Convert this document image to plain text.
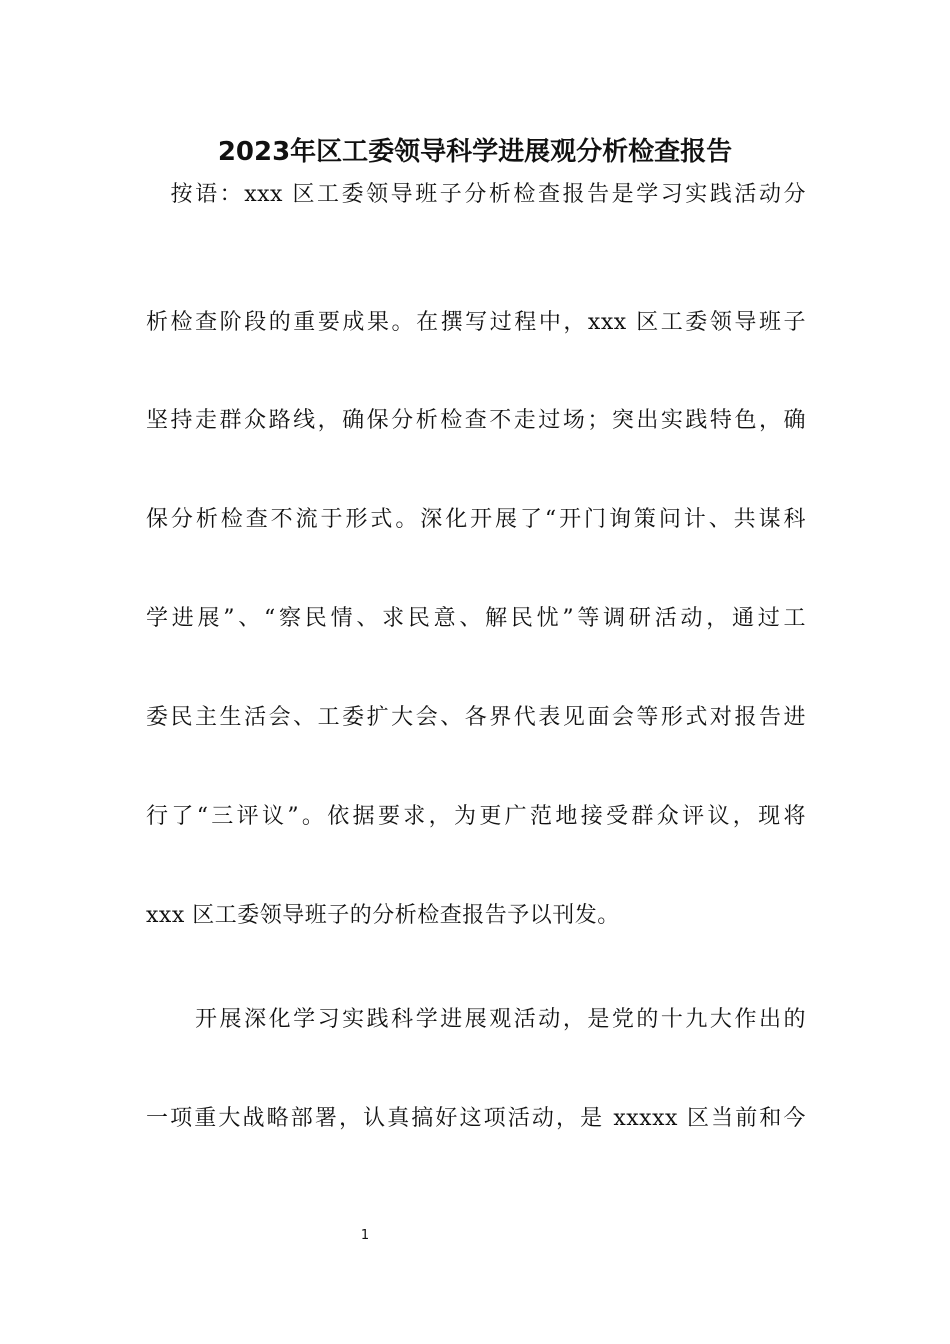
2023年区工委领导科学进展观分析检查报告
　按语：xxx 区工委领导班子分析检查报告是学习实践活动分
析检查阶段的重要成果。在撰写过程中，xxx 区工委领导班子
坚持走群众路线，确保分析检查不走过场；突出实践特色，确
保分析检查不流于形式。深化开展了“开门询策问计、共谋科
学进展”、“察民情、求民意、解民忧”等调研活动，通过工
委民主生活会、工委扩大会、各界代表见面会等形式对报告进
行了“三评议”。依据要求，为更广范地接受群众评议，现将
xxx 区工委领导班子的分析检查报告予以刊发。
　　开展深化学习实践科学进展观活动，是党的十九大作出的
一项重大战略部署，认真搞好这项活动，是 xxxxx 区当前和今
1
